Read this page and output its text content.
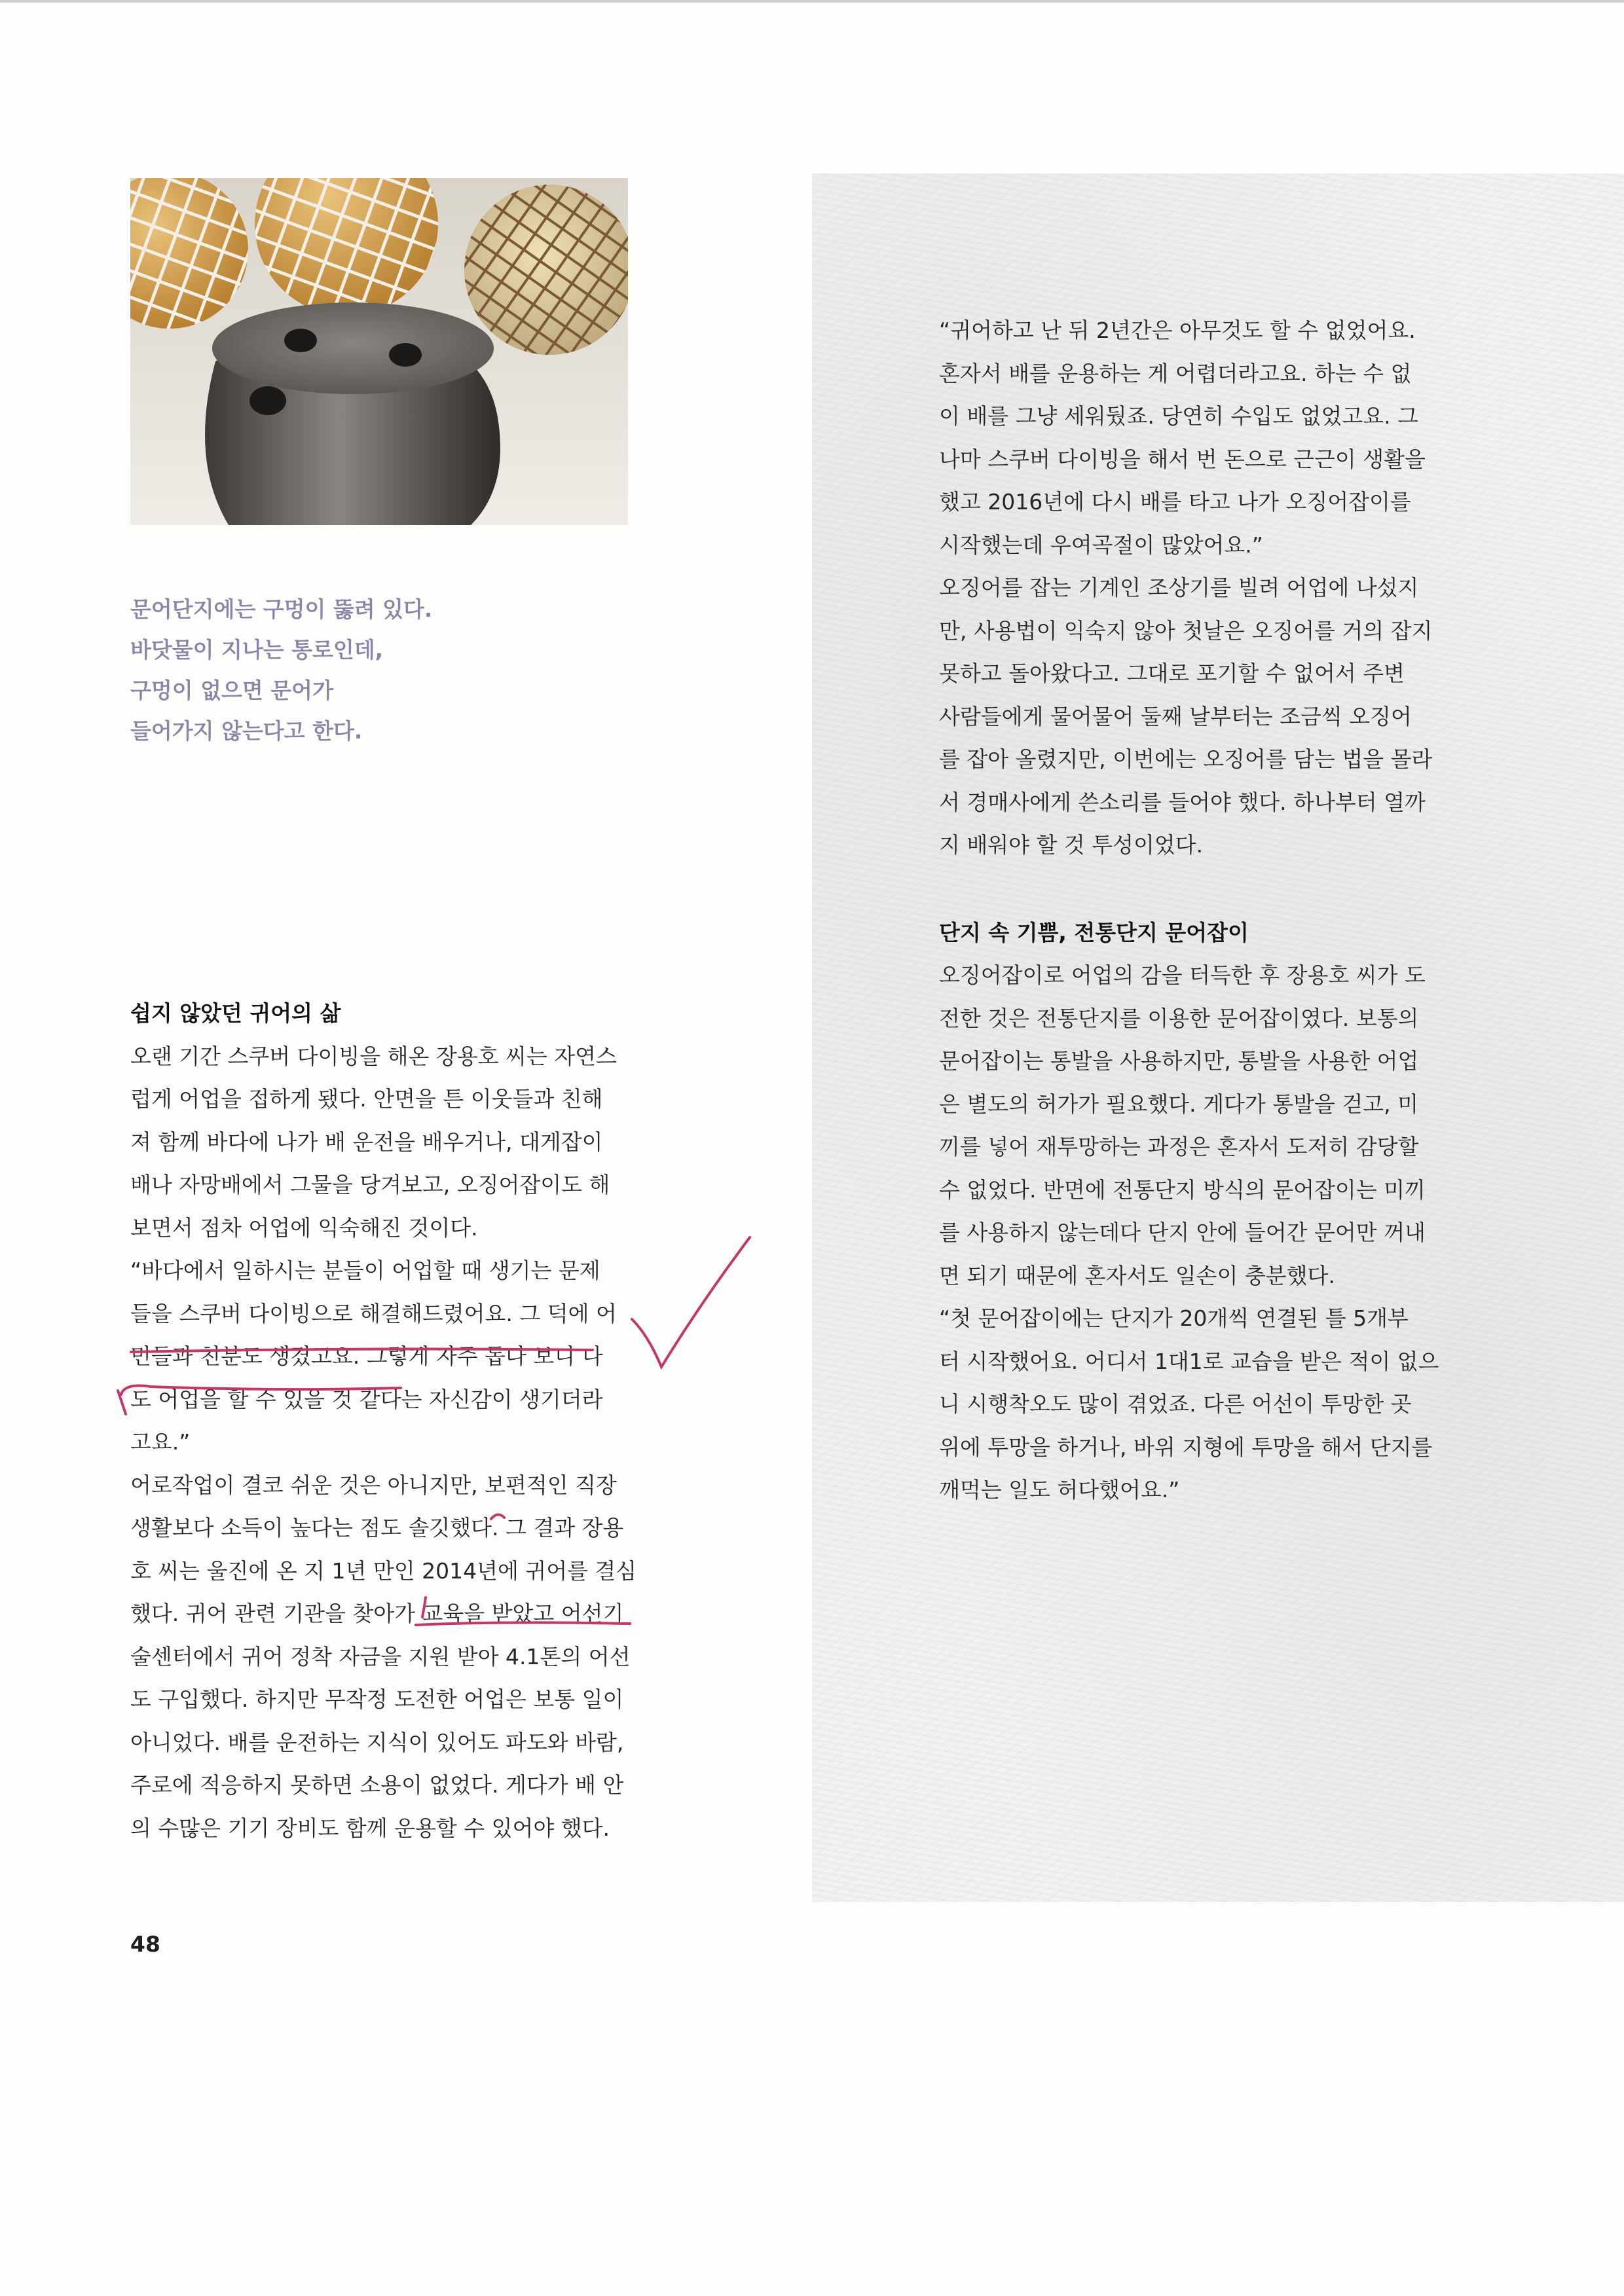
문어단지에는 구멍이 뚫려 있다.
바닷물이 지나는 통로인데,
구멍이 없으면 문어가
들어가지 않는다고 한다.
쉽지 않았던 귀어의 삶
오랜 기간 스쿠버 다이빙을 해온 장용호 씨는 자연스
럽게 어업을 접하게 됐다. 안면을 튼 이웃들과 친해
져 함께 바다에 나가 배 운전을 배우거나, 대게잡이
배나 자망배에서 그물을 당겨보고, 오징어잡이도 해
보면서 점차 어업에 익숙해진 것이다.
“바다에서 일하시는 분들이 어업할 때 생기는 문제
들을 스쿠버 다이빙으로 해결해드렸어요. 그 덕에 어
민들과 친분도 생겼고요. 그렇게 자주 돕다 보니 나
도 어업을 할 수 있을 것 같다는 자신감이 생기더라
고요.”
어로작업이 결코 쉬운 것은 아니지만, 보편적인 직장
생활보다 소득이 높다는 점도 솔깃했다. 그 결과 장용
호 씨는 울진에 온 지 1년 만인 2014년에 귀어를 결심
했다. 귀어 관련 기관을 찾아가 교육을 받았고 어선기
술센터에서 귀어 정착 자금을 지원 받아 4.1톤의 어선
도 구입했다. 하지만 무작정 도전한 어업은 보통 일이
아니었다. 배를 운전하는 지식이 있어도 파도와 바람,
주로에 적응하지 못하면 소용이 없었다. 게다가 배 안
의 수많은 기기 장비도 함께 운용할 수 있어야 했다.
“귀어하고 난 뒤 2년간은 아무것도 할 수 없었어요.
혼자서 배를 운용하는 게 어렵더라고요. 하는 수 없
이 배를 그냥 세워뒀죠. 당연히 수입도 없었고요. 그
나마 스쿠버 다이빙을 해서 번 돈으로 근근이 생활을
했고 2016년에 다시 배를 타고 나가 오징어잡이를
시작했는데 우여곡절이 많았어요.”
오징어를 잡는 기계인 조상기를 빌려 어업에 나섰지
만, 사용법이 익숙지 않아 첫날은 오징어를 거의 잡지
못하고 돌아왔다고. 그대로 포기할 수 없어서 주변
사람들에게 물어물어 둘째 날부터는 조금씩 오징어
를 잡아 올렸지만, 이번에는 오징어를 담는 법을 몰라
서 경매사에게 쓴소리를 들어야 했다. 하나부터 열까
지 배워야 할 것 투성이었다.
단지 속 기쁨, 전통단지 문어잡이
오징어잡이로 어업의 감을 터득한 후 장용호 씨가 도
전한 것은 전통단지를 이용한 문어잡이였다. 보통의
문어잡이는 통발을 사용하지만, 통발을 사용한 어업
은 별도의 허가가 필요했다. 게다가 통발을 걷고, 미
끼를 넣어 재투망하는 과정은 혼자서 도저히 감당할
수 없었다. 반면에 전통단지 방식의 문어잡이는 미끼
를 사용하지 않는데다 단지 안에 들어간 문어만 꺼내
면 되기 때문에 혼자서도 일손이 충분했다.
“첫 문어잡이에는 단지가 20개씩 연결된 틀 5개부
터 시작했어요. 어디서 1대1로 교습을 받은 적이 없으
니 시행착오도 많이 겪었죠. 다른 어선이 투망한 곳
위에 투망을 하거나, 바위 지형에 투망을 해서 단지를
깨먹는 일도 허다했어요.”
48
